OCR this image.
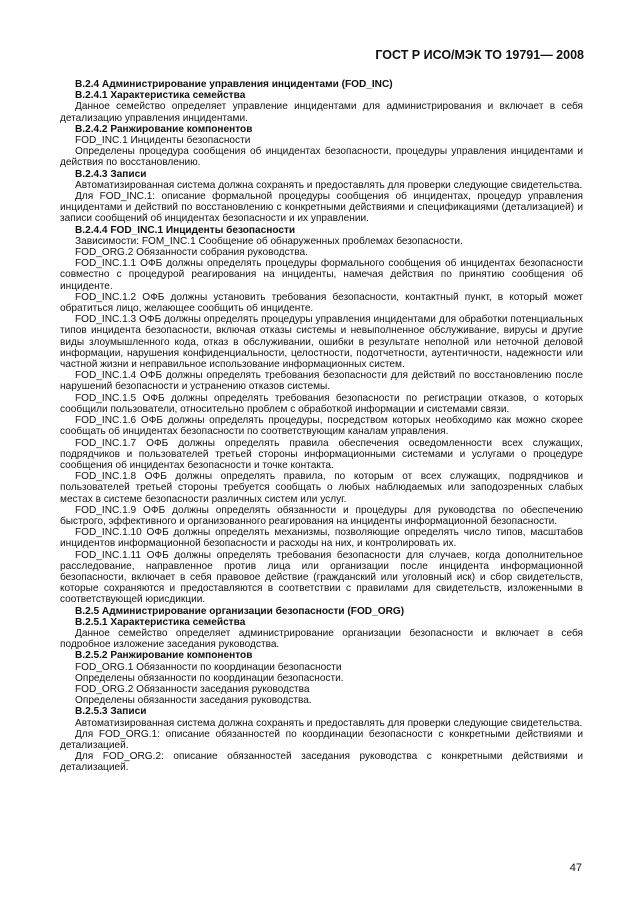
ГОСТ Р ИСО/МЭК ТО 19791— 2008
В.2.4 Администрирование управления инцидентами (FOD_INC)
В.2.4.1 Характеристика семейства
Данное семейство определяет управление инцидентами для администрирования и включает в себя детализацию управления инцидентами.
В.2.4.2 Ранжирование компонентов
FOD_INC.1 Инциденты безопасности
Определены процедура сообщения об инцидентах безопасности, процедуры управления инцидентами и действия по восстановлению.
В.2.4.3 Записи
Автоматизированная система должна сохранять и предоставлять для проверки следующие свидетельства.
Для FOD_INC.1: описание формальной процедуры сообщения об инцидентах, процедур управления инцидентами и действий по восстановлению с конкретными действиями и спецификациями (детализацией) и записи сообщений об инцидентах безопасности и их управлении.
В.2.4.4 FOD_INC.1 Инциденты безопасности
Зависимости: FOM_INC.1 Сообщение об обнаруженных проблемах безопасности.
FOD_ORG.2 Обязанности собрания руководства.
FOD_INC.1.1 ОФБ должны определять процедуры формального сообщения об инцидентах безопасности совместно с процедурой реагирования на инциденты, намечая действия по принятию сообщения об инциденте.
FOD_INC.1.2 ОФБ должны установить требования безопасности, контактный пункт, в который может обратиться лицо, желающее сообщить об инциденте.
FOD_INC.1.3 ОФБ должны определять процедуры управления инцидентами для обработки потенциальных типов инцидента безопасности, включая отказы системы и невыполненное обслуживание, вирусы и другие виды злоумышленного кода, отказ в обслуживании, ошибки в результате неполной или неточной деловой информации, нарушения конфиденциальности, целостности, подотчетности, аутентичности, надежности или частной жизни и неправильное использование информационных систем.
FOD_INC.1.4 ОФБ должны определять требования безопасности для действий по восстановлению после нарушений безопасности и устранению отказов системы.
FOD_INC.1.5 ОФБ должны определять требования безопасности по регистрации отказов, о которых сообщили пользователи, относительно проблем с обработкой информации и системами связи.
FOD_INC.1.6 ОФБ должны определять процедуры, посредством которых необходимо как можно скорее сообщать об инцидентах безопасности по соответствующим каналам управления.
FOD_INC.1.7 ОФБ должны определять правила обеспечения осведомленности всех служащих, подрядчиков и пользователей третьей стороны информационными системами и услугами о процедуре сообщения об инцидентах безопасности и точке контакта.
FOD_INC.1.8 ОФБ должны определять правила, по которым от всех служащих, подрядчиков и пользователей третьей стороны требуется сообщать о любых наблюдаемых или заподозренных слабых местах в системе безопасности различных систем или услуг.
FOD_INC.1.9 ОФБ должны определять обязанности и процедуры для руководства по обеспечению быстрого, эффективного и организованного реагирования на инциденты информационной безопасности.
FOD_INC.1.10 ОФБ должны определять механизмы, позволяющие определять число типов, масштабов инцидентов информационной безопасности и расходы на них, и контролировать их.
FOD_INC.1.11 ОФБ должны определять требования безопасности для случаев, когда дополнительное расследование, направленное против лица или организации после инцидента информационной безопасности, включает в себя правовое действие (гражданский или уголовный иск) и сбор свидетельств, которые сохраняются и предоставляются в соответствии с правилами для свидетельств, изложенными в соответствующей юрисдикции.
В.2.5 Администрирование организации безопасности (FOD_ORG)
В.2.5.1 Характеристика семейства
Данное семейство определяет администрирование организации безопасности и включает в себя подробное изложение заседания руководства.
В.2.5.2 Ранжирование компонентов
FOD_ORG.1 Обязанности по координации безопасности
Определены обязанности по координации безопасности.
FOD_ORG.2 Обязанности заседания руководства
Определены обязанности заседания руководства.
В.2.5.3 Записи
Автоматизированная система должна сохранять и предоставлять для проверки следующие свидетельства.
Для FOD_ORG.1: описание обязанностей по координации безопасности с конкретными действиями и детализацией.
Для FOD_ORG.2: описание обязанностей заседания руководства с конкретными действиями и детализацией.
47
